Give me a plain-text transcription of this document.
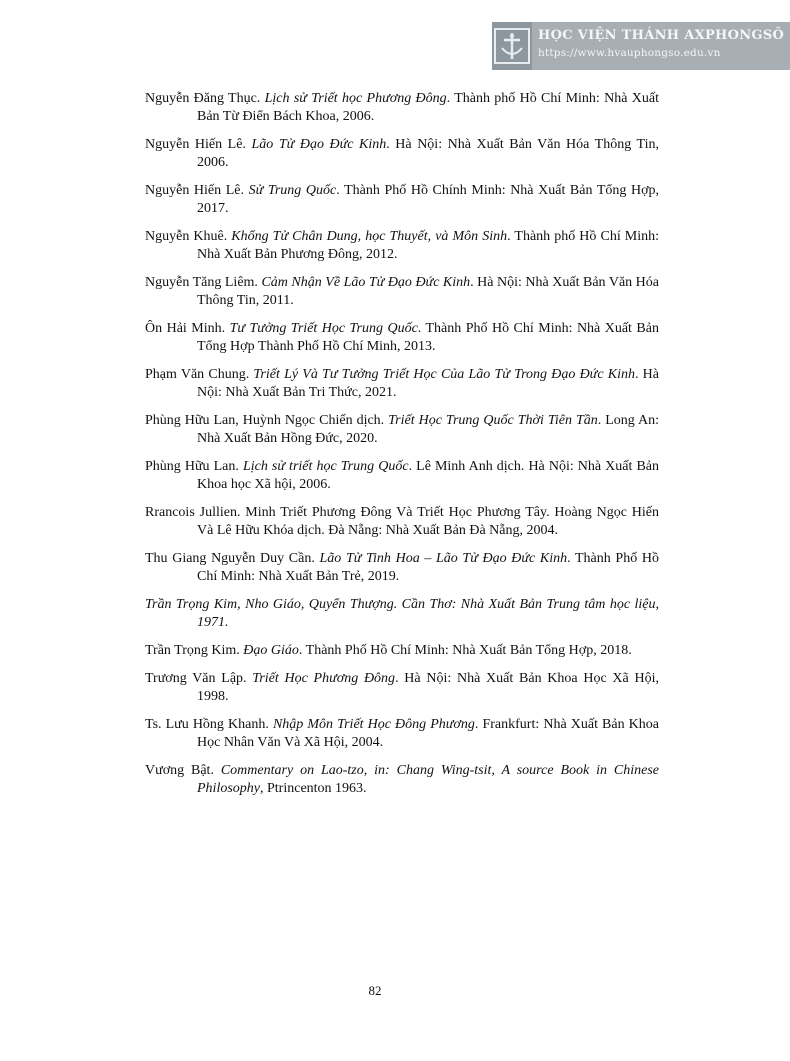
HỌC VIỆN THÁNH AXPHONGSÔ
https://www.hvauphongso.edu.vn

Nguyễn Đăng Thục. Lịch sử Triết học Phương Đông. Thành phố Hồ Chí Minh: Nhà Xuất Bản Từ Điển Bách Khoa, 2006.

Nguyễn Hiến Lê. Lão Tử Đạo Đức Kinh. Hà Nội: Nhà Xuất Bản Văn Hóa Thông Tin, 2006.

Nguyễn Hiến Lê. Sử Trung Quốc. Thành Phố Hồ Chính Minh: Nhà Xuất Bản Tổng Hợp, 2017.

Nguyễn Khuê. Khổng Tử Chân Dung, học Thuyết, và Môn Sinh. Thành phố Hồ Chí Minh: Nhà Xuất Bản Phương Đông, 2012.

Nguyễn Tăng Liêm. Cảm Nhận Về Lão Tử Đạo Đức Kinh. Hà Nội: Nhà Xuất Bản Văn Hóa Thông Tin, 2011.

Ôn Hải Minh. Tư Tưởng Triết Học Trung Quốc. Thành Phố Hồ Chí Minh: Nhà Xuất Bản Tổng Hợp Thành Phố Hồ Chí Minh, 2013.

Phạm Văn Chung. Triết Lý Và Tư Tưởng Triết Học Của Lão Tử Trong Đạo Đức Kinh. Hà Nội: Nhà Xuất Bản Tri Thức, 2021.

Phùng Hữu Lan, Huỳnh Ngọc Chiến dịch. Triết Học Trung Quốc Thời Tiên Tần. Long An: Nhà Xuất Bản Hồng Đức, 2020.

Phùng Hữu Lan. Lịch sử triết học Trung Quốc. Lê Minh Anh dịch. Hà Nội: Nhà Xuất Bản Khoa học Xã hội, 2006.

Rrancois Jullien. Minh Triết Phương Đông Và Triết Học Phương Tây. Hoàng Ngọc Hiến Và Lê Hữu Khóa dịch. Đà Nẵng: Nhà Xuất Bản Đà Nẵng, 2004.

Thu Giang Nguyễn Duy Cần. Lão Tử Tinh Hoa – Lão Tử Đạo Đức Kinh. Thành Phố Hồ Chí Minh: Nhà Xuất Bản Trẻ, 2019.

Trần Trọng Kim, Nho Giáo, Quyển Thượng. Cần Thơ: Nhà Xuất Bản Trung tâm học liệu, 1971.

Trần Trọng Kim. Đạo Giáo. Thành Phố Hồ Chí Minh: Nhà Xuất Bản Tổng Hợp, 2018.

Trương Văn Lập. Triết Học Phương Đông. Hà Nội: Nhà Xuất Bản Khoa Học Xã Hội, 1998.

Ts. Lưu Hồng Khanh. Nhập Môn Triết Học Đông Phương. Frankfurt: Nhà Xuất Bản Khoa Học Nhân Văn Và Xã Hội, 2004.

Vương Bật. Commentary on Lao-tzo, in: Chang Wing-tsit, A source Book in Chinese Philosophy, Ptrincenton 1963.

82
